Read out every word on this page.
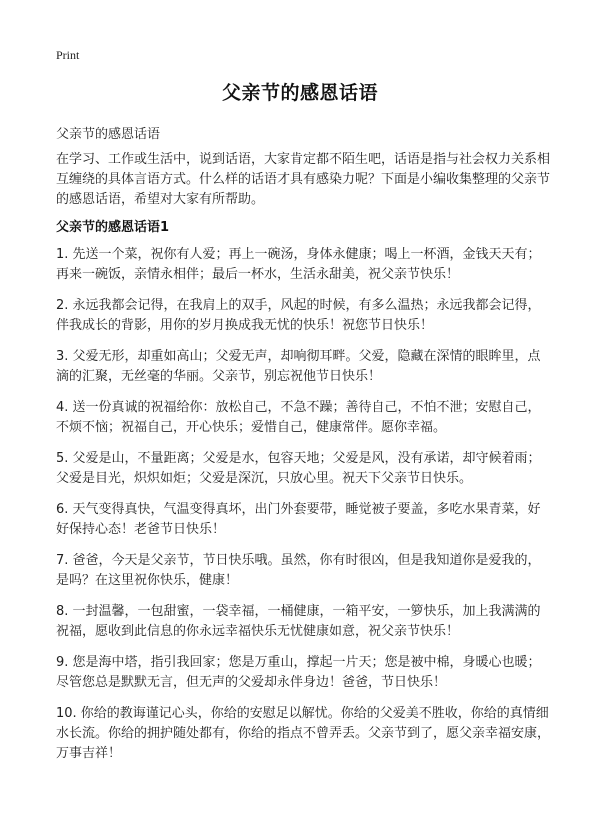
Print
父亲节的感恩话语
父亲节的感恩话语

在学习、工作或生活中，说到话语，大家肯定都不陌生吧，话语是指与社会权力关系相互缠绕的具体言语方式。什么样的话语才具有感染力呢？下面是小编收集整理的父亲节的感恩话语，希望对大家有所帮助。

父亲节的感恩话语1
1. 先送一个菜，祝你有人爱；再上一碗汤，身体永健康；喝上一杯酒，金钱天天有；再来一碗饭，亲情永相伴；最后一杯水，生活永甜美，祝父亲节快乐！
2. 永远我都会记得，在我肩上的双手，风起的时候，有多么温热；永远我都会记得，伴我成长的背影，用你的岁月换成我无忧的快乐！祝您节日快乐！
3. 父爱无形，却重如高山；父爱无声，却响彻耳畔。父爱，隐藏在深情的眼眸里，点滴的汇聚，无丝毫的华丽。父亲节，别忘祝他节日快乐！
4. 送一份真诚的祝福给你：放松自己，不急不躁；善待自己，不怕不泄；安慰自己，不烦不恼；祝福自己，开心快乐；爱惜自己，健康常伴。愿你幸福。
5. 父爱是山，不量距离；父爱是水，包容天地；父爱是风，没有承诺，却守候着雨；父爱是目光，炽炽如炬；父爱是深沉，只放心里。祝天下父亲节日快乐。
6. 天气变得真快，气温变得真坏，出门外套要带，睡觉被子要盖，多吃水果青菜，好好保持心态！老爸节日快乐！
7. 爸爸，今天是父亲节，节日快乐哦。虽然，你有时很凶，但是我知道你是爱我的，是吗？在这里祝你快乐，健康！
8. 一封温馨，一包甜蜜，一袋幸福，一桶健康，一箱平安，一箩快乐，加上我满满的祝福，愿收到此信息的你永远幸福快乐无忧健康如意，祝父亲节快乐！
9. 您是海中塔，指引我回家；您是万重山，撑起一片天；您是被中棉，身暖心也暖；尽管您总是默默无言，但无声的父爱却永伴身边！爸爸，节日快乐！
10. 你给的教诲谨记心头，你给的安慰足以解忧。你给的父爱美不胜收，你给的真情细水长流。你给的拥护随处都有，你给的指点不曾弄丢。父亲节到了，愿父亲幸福安康，万事吉祥！
